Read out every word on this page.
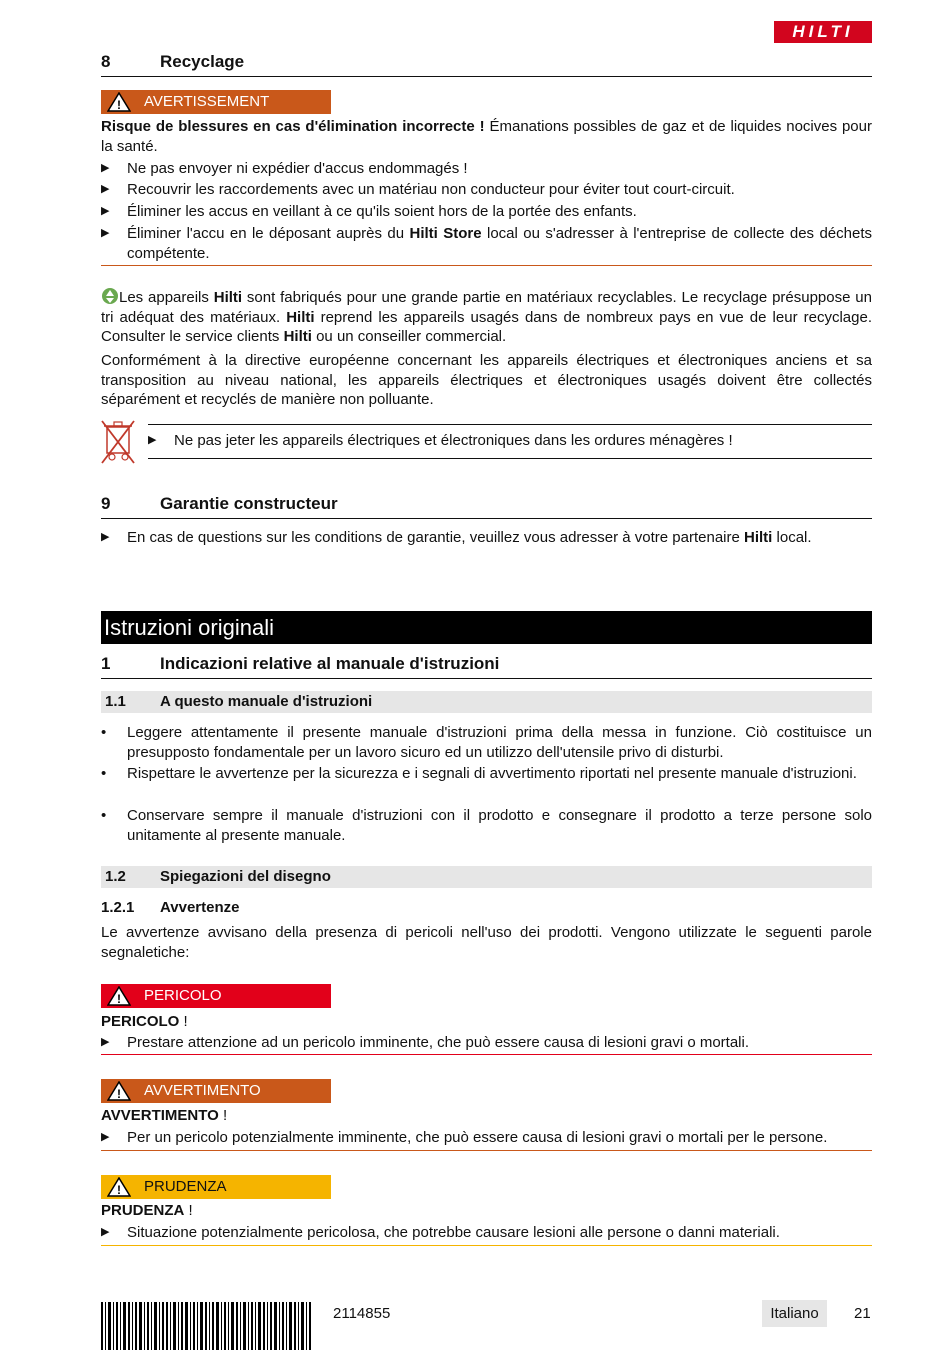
HILTI
8	Recyclage
! AVERTISSEMENT
Risque de blessures en cas d'élimination incorrecte ! Émanations possibles de gaz et de liquides nocives pour la santé.
▶ Ne pas envoyer ni expédier d'accus endommagés !
▶ Recouvrir les raccordements avec un matériau non conducteur pour éviter tout court-circuit.
▶ Éliminer les accus en veillant à ce qu'ils soient hors de la portée des enfants.
▶ Éliminer l'accu en le déposant auprès du Hilti Store local ou s'adresser à l'entreprise de collecte des déchets compétente.
Les appareils Hilti sont fabriqués pour une grande partie en matériaux recyclables. Le recyclage présuppose un tri adéquat des matériaux. Hilti reprend les appareils usagés dans de nombreux pays en vue de leur recyclage. Consulter le service clients Hilti ou un conseiller commercial.
Conformément à la directive européenne concernant les appareils électriques et électroniques anciens et sa transposition au niveau national, les appareils électriques et électroniques usagés doivent être collectés séparément et recyclés de manière non polluante.
▶ Ne pas jeter les appareils électriques et électroniques dans les ordures ménagères !
9	Garantie constructeur
▶ En cas de questions sur les conditions de garantie, veuillez vous adresser à votre partenaire Hilti local.
Istruzioni originali
1	Indicazioni relative al manuale d'istruzioni
1.1 A questo manuale d'istruzioni
• Leggere attentamente il presente manuale d'istruzioni prima della messa in funzione. Ciò costituisce un presupposto fondamentale per un lavoro sicuro ed un utilizzo dell'utensile privo di disturbi.
• Rispettare le avvertenze per la sicurezza e i segnali di avvertimento riportati nel presente manuale d'istruzioni.
• Conservare sempre il manuale d'istruzioni con il prodotto e consegnare il prodotto a terze persone solo unitamente al presente manuale.
1.2 Spiegazioni del disegno
1.2.1 Avvertenze
Le avvertenze avvisano della presenza di pericoli nell'uso dei prodotti. Vengono utilizzate le seguenti parole segnaletiche:
! PERICOLO
PERICOLO !
▶ Prestare attenzione ad un pericolo imminente, che può essere causa di lesioni gravi o mortali.
! AVVERTIMENTO
AVVERTIMENTO !
▶ Per un pericolo potenzialmente imminente, che può essere causa di lesioni gravi o mortali per le persone.
! PRUDENZA
PRUDENZA !
▶ Situazione potenzialmente pericolosa, che potrebbe causare lesioni alle persone o danni materiali.
2114855	Italiano	21
